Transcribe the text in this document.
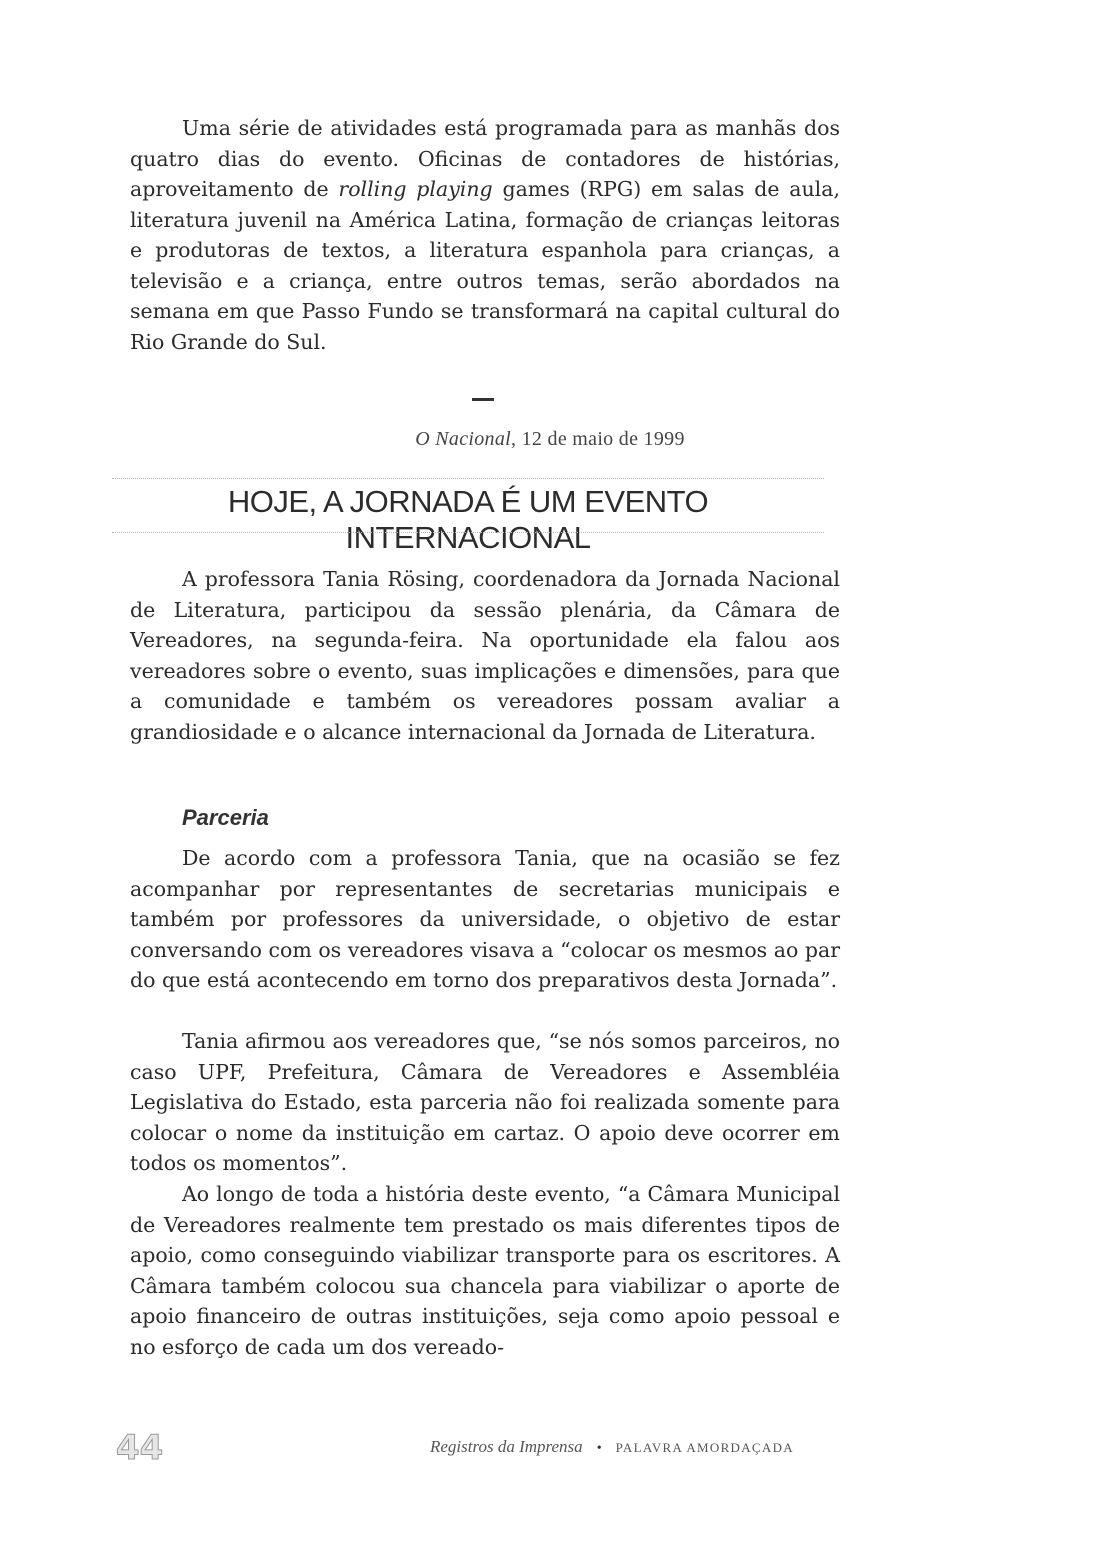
Uma série de atividades está programada para as manhãs dos quatro dias do evento. Oficinas de contadores de histórias, aproveitamento de rolling playing games (RPG) em salas de aula, literatura juvenil na América Latina, formação de crianças leitoras e produtoras de textos, a literatura espanhola para crianças, a televisão e a criança, entre outros temas, serão abordados na semana em que Passo Fundo se transformará na capital cultural do Rio Grande do Sul.

O Nacional, 12 de maio de 1999
HOJE, A JORNADA É UM EVENTO INTERNACIONAL

A professora Tania Rösing, coordenadora da Jornada Nacional de Literatura, participou da sessão plenária, da Câmara de Vereadores, na segunda-feira. Na oportunidade ela falou aos vereadores sobre o evento, suas implicações e dimensões, para que a comunidade e também os vereadores possam avaliar a grandiosidade e o alcance internacional da Jornada de Literatura.

Parceria

De acordo com a professora Tania, que na ocasião se fez acompanhar por representantes de secretarias municipais e também por professores da universidade, o objetivo de estar conversando com os vereadores visava a “colocar os mesmos ao par do que está acontecendo em torno dos preparativos desta Jornada”.

Tania afirmou aos vereadores que, “se nós somos parceiros, no caso UPF, Prefeitura, Câmara de Vereadores e Assembléia Legislativa do Estado, esta parceria não foi realizada somente para colocar o nome da instituição em cartaz. O apoio deve ocorrer em todos os momentos”.

Ao longo de toda a história deste evento, “a Câmara Municipal de Vereadores realmente tem prestado os mais diferentes tipos de apoio, como conseguindo viabilizar transporte para os escritores. A Câmara também colocou sua chancela para viabilizar o aporte de apoio financeiro de outras instituições, seja como apoio pessoal e no esforço de cada um dos vereado-

44	Registros da Imprensa • PALAVRA AMORDAÇADA
